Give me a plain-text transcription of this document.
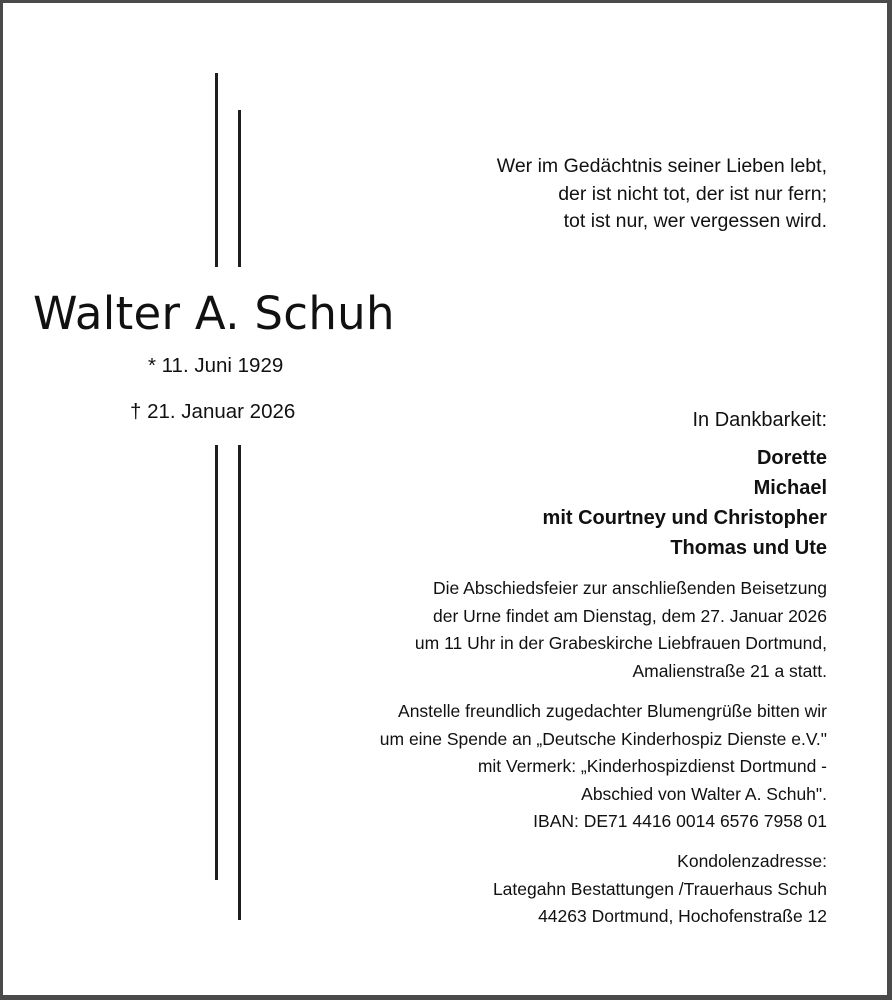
Wer im Gedächtnis seiner Lieben lebt,
der ist nicht tot, der ist nur fern;
tot ist nur, wer vergessen wird.
Walter A. Schuh
* 11. Juni 1929
† 21. Januar 2026	In Dankbarkeit:
Dorette
Michael
mit Courtney und Christopher
Thomas und Ute
Die Abschiedsfeier zur anschließenden Beisetzung
der Urne findet am Dienstag, dem 27. Januar 2026
um 11 Uhr in der Grabeskirche Liebfrauen Dortmund,
Amalienstraße 21 a statt.
Anstelle freundlich zugedachter Blumengrüße bitten wir
um eine Spende an „Deutsche Kinderhospiz Dienste e.V."
mit Vermerk: „Kinderhospizdienst Dortmund -
Abschied von Walter A. Schuh".
IBAN: DE71 4416 0014 6576 7958 01
Kondolenzadresse:
Lategahn Bestattungen /Trauerhaus Schuh
44263 Dortmund, Hochofenstraße 12
